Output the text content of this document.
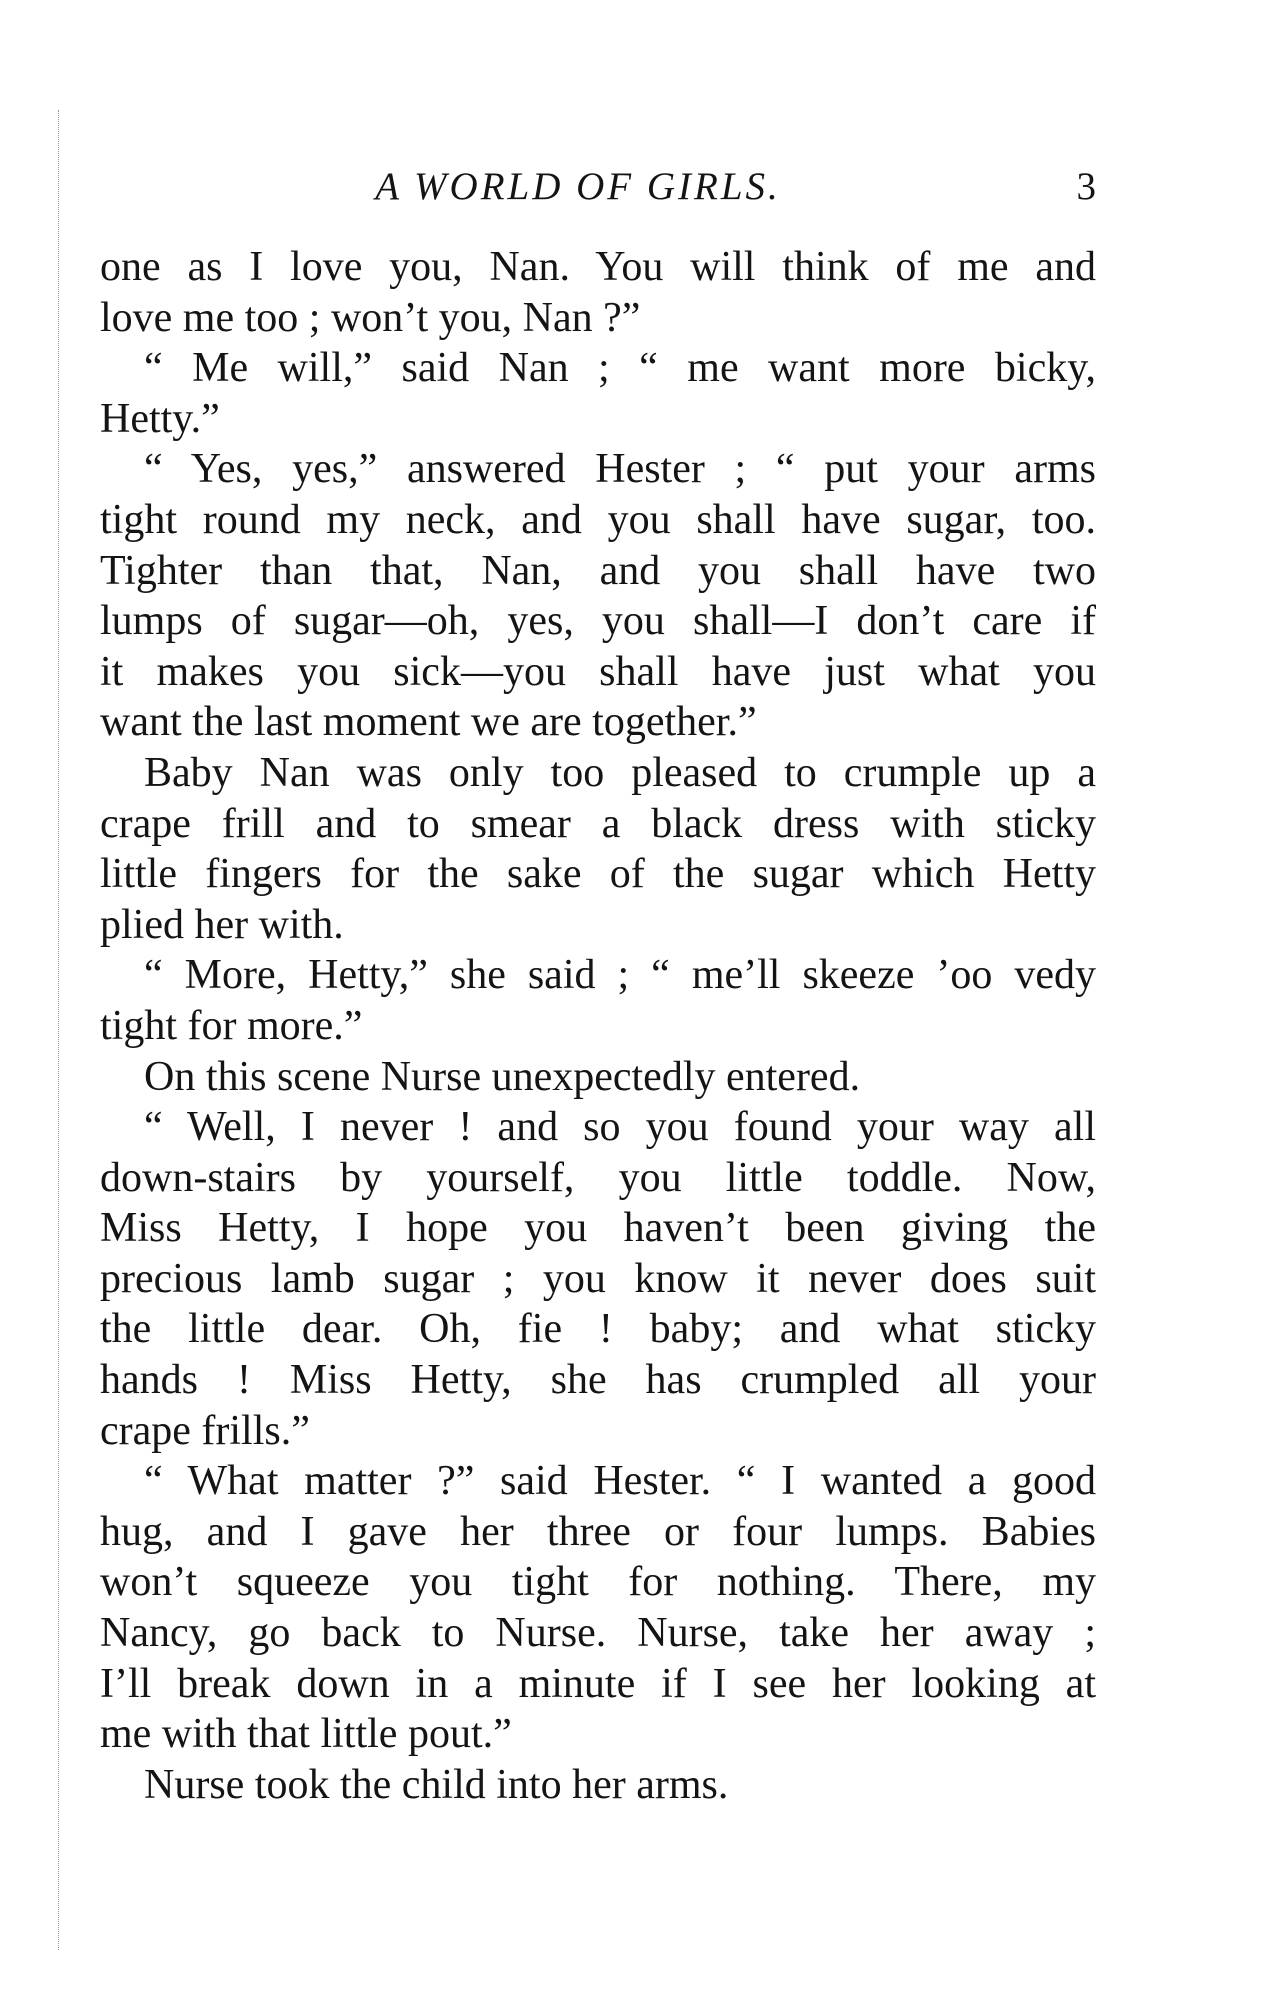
A WORLD OF GIRLS.	3
one as I love you, Nan. You will think of me and
love me too ; won’t you, Nan ?”
“ Me will,” said Nan ; “ me want more bicky,
Hetty.”
“ Yes, yes,” answered Hester ; “ put your arms
tight round my neck, and you shall have sugar, too.
Tighter than that, Nan, and you shall have two
lumps of sugar—oh, yes, you shall—I don’t care if
it makes you sick—you shall have just what you
want the last moment we are together.”
Baby Nan was only too pleased to crumple up a
crape frill and to smear a black dress with sticky
little fingers for the sake of the sugar which Hetty
plied her with.
“ More, Hetty,” she said ; “ me’ll skeeze ’oo vedy
tight for more.”
On this scene Nurse unexpectedly entered.
“ Well, I never ! and so you found your way all
down-stairs by yourself, you little toddle. Now,
Miss Hetty, I hope you haven’t been giving the
precious lamb sugar ; you know it never does suit
the little dear. Oh, fie ! baby; and what sticky
hands ! Miss Hetty, she has crumpled all your
crape frills.”
“ What matter ?” said Hester. “ I wanted a good
hug, and I gave her three or four lumps. Babies
won’t squeeze you tight for nothing. There, my
Nancy, go back to Nurse. Nurse, take her away ;
I’ll break down in a minute if I see her looking at
me with that little pout.”
Nurse took the child into her arms.
